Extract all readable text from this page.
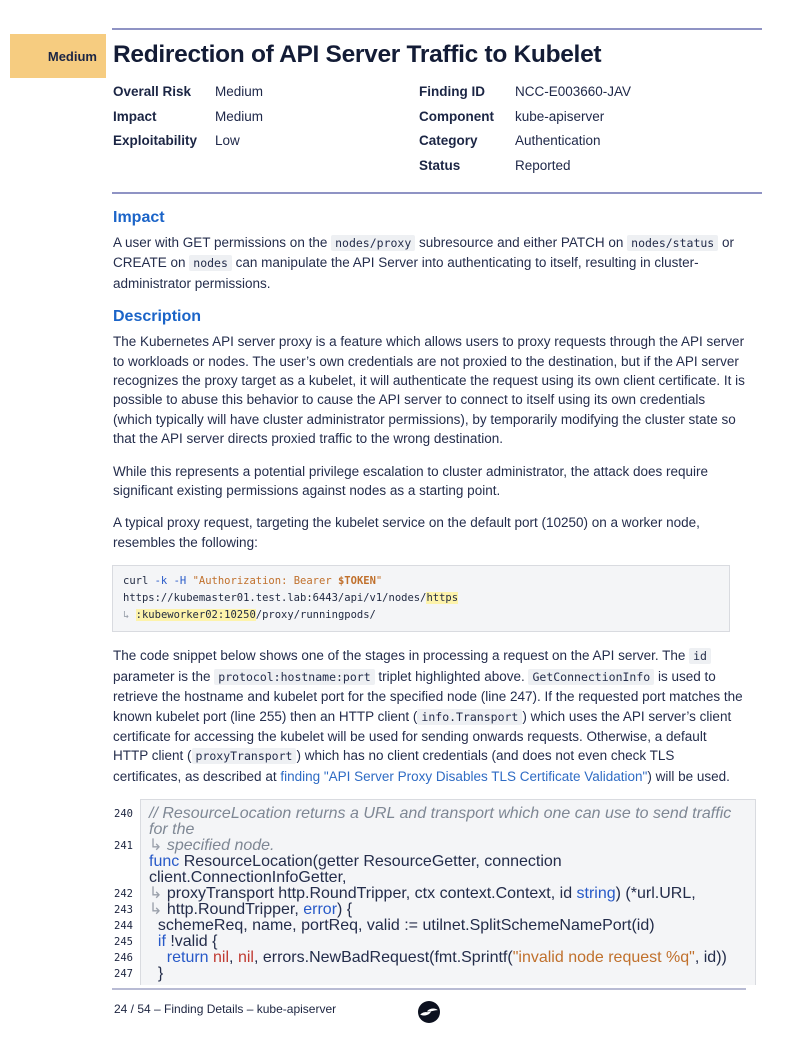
Medium Redirection of API Server Traffic to Kubelet
Overall Risk	Medium
Impact	Medium
Exploitability	Low
Finding ID	NCC-E003660-JAV
Component	kube-apiserver
Category	Authentication
Status	Reported
Impact

A user with GET permissions on the nodes/proxy subresource and either PATCH on nodes/status or CREATE on nodes can manipulate the API Server into authenticating to itself, resulting in cluster-administrator permissions.

Description

The Kubernetes API server proxy is a feature which allows users to proxy requests through the API server to workloads or nodes. The user’s own credentials are not proxied to the destination, but if the API server recognizes the proxy target as a kubelet, it will authenticate the request using its own client certificate. It is possible to abuse this behavior to cause the API server to connect to itself using its own credentials (which typically will have cluster administrator permissions), by temporarily modifying the cluster state so that the API server directs proxied traffic to the wrong destination.

While this represents a potential privilege escalation to cluster administrator, the attack does require significant existing permissions against nodes as a starting point.

A typical proxy request, targeting the kubelet service on the default port (10250) on a worker node, resembles the following:

curl -k -H "Authorization: Bearer $TOKEN" https://kubemaster01.test.lab:6443/api/v1/nodes/https
↳ :kubeworker02:10250/proxy/runningpods/

The code snippet below shows one of the stages in processing a request on the API server. The id parameter is the protocol:hostname:port triplet highlighted above. GetConnectionInfo is used to retrieve the hostname and kubelet port for the specified node (line 247). If the requested port matches the known kubelet port (line 255) then an HTTP client ( info.Transport ) which uses the API server’s client certificate for accessing the kubelet will be used for sending onwards requests. Otherwise, a default HTTP client ( proxyTransport ) which has no client credentials (and does not even check TLS certificates, as described at finding "API Server Proxy Disables TLS Certificate Validation") will be used.

240
241
242
243
244
245
246
247
// ResourceLocation returns a URL and transport which one can use to send traffic for the
↳ specified node.
func ResourceLocation(getter ResourceGetter, connection client.ConnectionInfoGetter,
↳ proxyTransport http.RoundTripper, ctx context.Context, id string) (*url.URL,
↳ http.RoundTripper, error) {
schemeReq, name, portReq, valid := utilnet.SplitSchemeNamePort(id)
if !valid {
return nil, nil, errors.NewBadRequest(fmt.Sprintf("invalid node request %q", id))
}

24 / 54 – Finding Details – kube-apiserver
